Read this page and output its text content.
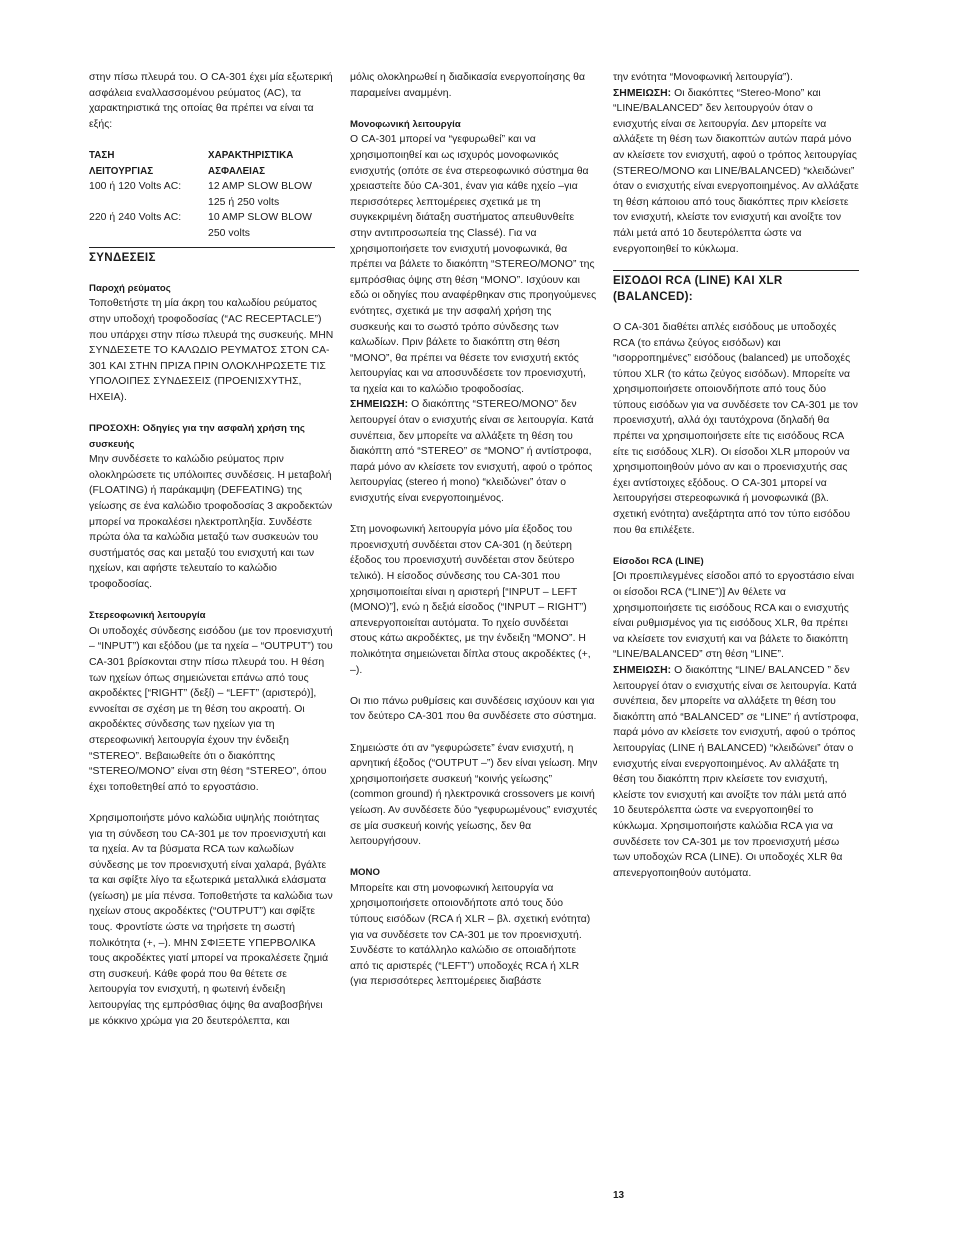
στην πίσω πλευρά του. Ο CA-301 έχει μία εξωτερική ασφάλεια εναλλασσομένου ρεύματος (AC), τα χαρακτηριστικά της οποίας θα πρέπει να είναι τα εξής:

ΤΑΣΗ	ΧΑΡΑΚΤΗΡΙΣΤΙΚΑ
ΛΕΙΤΟΥΡΓΙΑΣ	ΑΣΦΑΛΕΙΑΣ
100 ή 120 Volts AC:	12 AMP SLOW BLOW
	125 ή 250 volts
220 ή 240 Volts AC:	10 AMP SLOW BLOW
	250 volts

ΣΥΝΔΕΣΕΙΣ

Παροχή ρεύματος

Τοποθετήστε τη μία άκρη του καλωδίου ρεύματος στην υποδοχή τροφοδοσίας (“AC RECEPTACLE”) που υπάρχει στην πίσω πλευρά της συσκευής. ΜΗΝ ΣΥΝΔΕΣΕΤΕ ΤΟ ΚΑΛΩΔΙΟ ΡΕΥΜΑΤΟΣ ΣΤΟΝ CA-301 ΚΑΙ ΣΤΗΝ ΠΡΙΖΑ ΠΡΙΝ ΟΛΟΚΛΗΡΩΣΕΤΕ ΤΙΣ ΥΠΟΛΟΙΠΕΣ ΣΥΝΔΕΣΕΙΣ (ΠΡΟΕΝΙΣΧΥΤΗΣ, ΗΧΕΙΑ).

ΠΡΟΣΟΧΗ: Οδηγίες για την ασφαλή χρήση της συσκευής

Μην συνδέσετε το καλώδιο ρεύματος πριν ολοκληρώσετε τις υπόλοιπες συνδέσεις. Η μεταβολή (FLOATING) ή παράκαμψη (DEFEATING) της γείωσης σε ένα καλώδιο τροφοδοσίας 3 ακροδεκτών μπορεί να προκαλέσει ηλεκτροπληξία. Συνδέστε πρώτα όλα τα καλώδια μεταξύ των συσκευών του συστήματός σας και μεταξύ του ενισχυτή και των ηχείων, και αφήστε τελευταίο το καλώδιο τροφοδοσίας.

Στερεοφωνική λειτουργία

Οι υποδοχές σύνδεσης εισόδου (με τον προενισχυτή – “INPUT”) και εξόδου (με τα ηχεία – “OUTPUT”) του CA-301 βρίσκονται στην πίσω πλευρά του. Η θέση των ηχείων όπως σημειώνεται επάνω από τους ακροδέκτες [“RIGHT” (δεξί) – “LEFT” (αριστερό)], εννοείται σε σχέση με τη θέση του ακροατή. Οι ακροδέκτες σύνδεσης των ηχείων για τη στερεοφωνική λειτουργία έχουν την ένδειξη “STEREO”. Βεβαιωθείτε ότι ο διακόπτης “STEREO/MONO” είναι στη θέση “STEREO”, όπου έχει τοποθετηθεί από το εργοστάσιο.

Χρησιμοποιήστε μόνο καλώδια υψηλής ποιότητας για τη σύνδεση του CA-301 με τον προενισχυτή και τα ηχεία. Αν τα βύσματα RCA των καλωδίων σύνδεσης με τον προενισχυτή είναι χαλαρά, βγάλτε τα και σφίξτε λίγο τα εξωτερικά μεταλλικά ελάσματα (γείωση) με μία πένσα. Τοποθετήστε τα καλώδια των ηχείων στους ακροδέκτες (“OUTPUT”) και σφίξτε τους. Φροντίστε ώστε να τηρήσετε τη σωστή πολικότητα (+, –). ΜΗΝ ΣΦΙΞΕΤΕ ΥΠΕΡΒΟΛΙΚΑ τους ακροδέκτες γιατί μπορεί να προκαλέσετε ζημιά στη συσκευή. Κάθε φορά που θα θέτετε σε λειτουργία τον ενισχυτή, η φωτεινή ένδειξη λειτουργίας της εμπρόσθιας όψης θα αναβοσβήνει με κόκκινο χρώμα για 20 δευτερόλεπτα, και

μόλις ολοκληρωθεί η διαδικασία ενεργοποίησης θα παραμείνει αναμμένη.

Μονοφωνική λειτουργία

Ο CA-301 μπορεί να “γεφυρωθεί” και να χρησιμοποιηθεί και ως ισχυρός μονοφωνικός ενισχυτής (οπότε σε ένα στερεοφωνικό σύστημα θα χρειαστείτε δύο CA-301, έναν για κάθε ηχείο –για περισσότερες λεπτομέρειες σχετικά με τη συγκεκριμένη διάταξη συστήματος απευθυνθείτε στην αντιπροσωπεία της Classé). Για να χρησιμοποιήσετε τον ενισχυτή μονοφωνικά, θα πρέπει να βάλετε το διακόπτη “STEREO/MONO” της εμπρόσθιας όψης στη θέση “MONO”. Ισχύουν και εδώ οι οδηγίες που αναφέρθηκαν στις προηγούμενες ενότητες, σχετικά με την ασφαλή χρήση της συσκευής και το σωστό τρόπο σύνδεσης των καλωδίων. Πριν βάλετε το διακόπτη στη θέση “MONO”, θα πρέπει να θέσετε τον ενισχυτή εκτός λειτουργίας και να αποσυνδέσετε τον προενισχυτή, τα ηχεία και το καλώδιο τροφοδοσίας.

ΣΗΜΕΙΩΣΗ: Ο διακόπτης “STEREO/MONO” δεν λειτουργεί όταν ο ενισχυτής είναι σε λειτουργία. Κατά συνέπεια, δεν μπορείτε να αλλάξετε τη θέση του διακόπτη από “STEREO” σε “MONO” ή αντίστροφα, παρά μόνο αν κλείσετε τον ενισχυτή, αφού ο τρόπος λειτουργίας (stereo ή mono) “κλειδώνει” όταν ο ενισχυτής είναι ενεργοποιημένος.

Στη μονοφωνική λειτουργία μόνο μία έξοδος του προενισχυτή συνδέεται στον CA-301 (η δεύτερη έξοδος του προενισχυτή συνδέεται στον δεύτερο τελικό). Η είσοδος σύνδεσης του CA-301 που χρησιμοποιείται είναι η αριστερή [“INPUT – LEFT (MONO)”], ενώ η δεξιά είσοδος (“INPUT – RIGHT”) απενεργοποιείται αυτόματα. Το ηχείο συνδέεται στους κάτω ακροδέκτες, με την ένδειξη “MONO”. Η πολικότητα σημειώνεται δίπλα στους ακροδέκτες (+, –).

Οι πιο πάνω ρυθμίσεις και συνδέσεις ισχύουν και για τον δεύτερο CA-301 που θα συνδέσετε στο σύστημα.

Σημειώστε ότι αν “γεφυρώσετε” έναν ενισχυτή, η αρνητική έξοδος (“OUTPUT –”) δεν είναι γείωση. Μην χρησιμοποιήσετε συσκευή “κοινής γείωσης” (common ground) ή ηλεκτρονικά crossovers με κοινή γείωση. Αν συνδέσετε δύο “γεφυρωμένους” ενισχυτές σε μία συσκευή κοινής γείωσης, δεν θα λειτουργήσουν.

MONO

Μπορείτε και στη μονοφωνική λειτουργία να χρησιμοποιήσετε οποιονδήποτε από τους δύο τύπους εισόδων (RCA ή XLR – βλ. σχετική ενότητα) για να συνδέσετε τον CA-301 με τον προενισχυτή. Συνδέστε το κατάλληλο καλώδιο σε οποιαδήποτε από τις αριστερές (“LEFT”) υποδοχές RCA ή XLR (για περισσότερες λεπτομέρειες διαβάστε

την ενότητα “Μονοφωνική λειτουργία”).

ΣΗΜΕΙΩΣΗ: Οι διακόπτες “Stereo-Mono” και “LINE/BALANCED” δεν λειτουργούν όταν ο ενισχυτής είναι σε λειτουργία. Δεν μπορείτε να αλλάξετε τη θέση των διακοπτών αυτών παρά μόνο αν κλείσετε τον ενισχυτή, αφού ο τρόπος λειτουργίας (STEREO/MONO και LINE/BALANCED) “κλειδώνει” όταν ο ενισχυτής είναι ενεργοποιημένος. Αν αλλάξατε τη θέση κάποιου από τους διακόπτες πριν κλείσετε τον ενισχυτή, κλείστε τον ενισχυτή και ανοίξτε τον πάλι μετά από 10 δευτερόλεπτα ώστε να ενεργοποιηθεί το κύκλωμα.

ΕΙΣΟΔΟΙ RCA (LINE) ΚΑΙ XLR

(BALANCED):

Ο CA-301 διαθέτει απλές εισόδους με υποδοχές RCA (το επάνω ζεύγος εισόδων) και “ισορροπημένες” εισόδους (balanced) με υποδοχές τύπου XLR (το κάτω ζεύγος εισόδων). Μπορείτε να χρησιμοποιήσετε οποιονδήποτε από τους δύο τύπους εισόδων για να συνδέσετε τον CA-301 με τον προενισχυτή, αλλά όχι ταυτόχρονα (δηλαδή θα πρέπει να χρησιμοποιήσετε είτε τις εισόδους RCA είτε τις εισόδους XLR). Οι είσοδοι XLR μπορούν να χρησιμοποιηθούν μόνο αν και ο προενισχυτής σας έχει αντίστοιχες εξόδους. Ο CA-301 μπορεί να λειτουργήσει στερεοφωνικά ή μονοφωνικά (βλ. σχετική ενότητα) ανεξάρτητα από τον τύπο εισόδου που θα επιλέξετε.

Είσοδοι RCA (LINE)

[Οι προεπιλεγμένες είσοδοι από το εργοστάσιο είναι οι είσοδοι RCA (“LINE”)] Αν θέλετε να χρησιμοποιήσετε τις εισόδους RCA και ο ενισχυτής είναι ρυθμισμένος για τις εισόδους XLR, θα πρέπει να κλείσετε τον ενισχυτή και να βάλετε το διακόπτη “LINE/BALANCED” στη θέση “LINE”.

ΣΗΜΕΙΩΣΗ: Ο διακόπτης “LINE/ BALANCED ” δεν λειτουργεί όταν ο ενισχυτής είναι σε λειτουργία. Κατά συνέπεια, δεν μπορείτε να αλλάξετε τη θέση του διακόπτη από “BALANCED” σε “LINE” ή αντίστροφα, παρά μόνο αν κλείσετε τον ενισχυτή, αφού ο τρόπος λειτουργίας (LINE ή BALANCED) “κλειδώνει” όταν ο ενισχυτής είναι ενεργοποιημένος. Αν αλλάξατε τη θέση του διακόπτη πριν κλείσετε τον ενισχυτή, κλείστε τον ενισχυτή και ανοίξτε τον πάλι μετά από 10 δευτερόλεπτα ώστε να ενεργοποιηθεί το κύκλωμα. Χρησιμοποιήστε καλώδια RCA για να συνδέσετε τον CA-301 με τον προενισχυτή μέσω των υποδοχών RCA (LINE). Οι υποδοχές XLR θα απενεργοποιηθούν αυτόματα.

13
